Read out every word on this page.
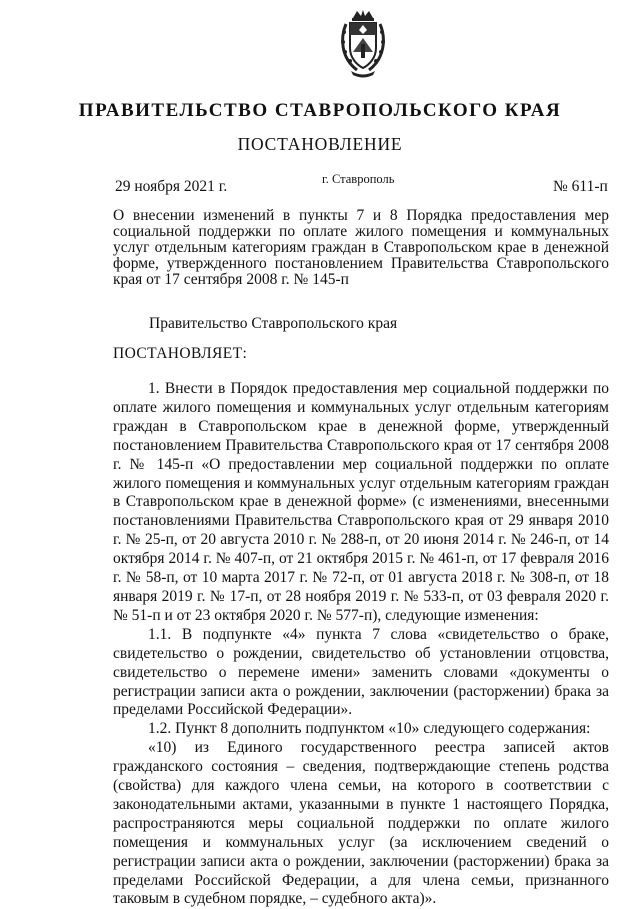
ПРАВИТЕЛЬСТВО СТАВРОПОЛЬСКОГО КРАЯ
ПОСТАНОВЛЕНИЕ
29 ноября 2021 г.	г. Ставрополь	№ 611-п
О внесении изменений в пункты 7 и 8 Порядка предоставления мер социальной поддержки по оплате жилого помещения и коммунальных услуг отдельным категориям граждан в Ставропольском крае в денежной форме, утвержденного постановлением Правительства Ставропольского края от 17 сентября 2008 г. № 145-п
Правительство Ставропольского края
ПОСТАНОВЛЯЕТ:

1. Внести в Порядок предоставления мер социальной поддержки по оплате жилого помещения и коммунальных услуг отдельным категориям граждан в Ставропольском крае в денежной форме, утвержденный постановлением Правительства Ставропольского края от 17 сентября 2008 г. № 145-п «О предоставлении мер социальной поддержки по оплате жилого помещения и коммунальных услуг отдельным категориям граждан в Ставропольском крае в денежной форме» (с изменениями, внесенными постановлениями Правительства Ставропольского края от 29 января 2010 г. № 25-п, от 20 августа 2010 г. № 288-п, от 20 июня 2014 г. № 246-п, от 14 октября 2014 г. № 407-п, от 21 октября 2015 г. № 461-п, от 17 февраля 2016 г. № 58-п, от 10 марта 2017 г. № 72-п, от 01 августа 2018 г. № 308-п, от 18 января 2019 г. № 17-п, от 28 ноября 2019 г. № 533-п, от 03 февраля 2020 г. № 51-п и от 23 октября 2020 г. № 577-п), следующие изменения:

1.1. В подпункте «4» пункта 7 слова «свидетельство о браке, свидетельство о рождении, свидетельство об установлении отцовства, свидетельство о перемене имени» заменить словами «документы о регистрации записи акта о рождении, заключении (расторжении) брака за пределами Российской Федерации».

1.2. Пункт 8 дополнить подпунктом «10» следующего содержания:

«10) из Единого государственного реестра записей актов гражданского состояния – сведения, подтверждающие степень родства (свойства) для каждого члена семьи, на которого в соответствии с законодательными актами, указанными в пункте 1 настоящего Порядка, распространяются меры социальной поддержки по оплате жилого помещения и коммунальных услуг (за исключением сведений о регистрации записи акта о рождении, заключении (расторжении) брака за пределами Российской Федерации, а для члена семьи, признанного таковым в судебном порядке, – судебного акта)».
